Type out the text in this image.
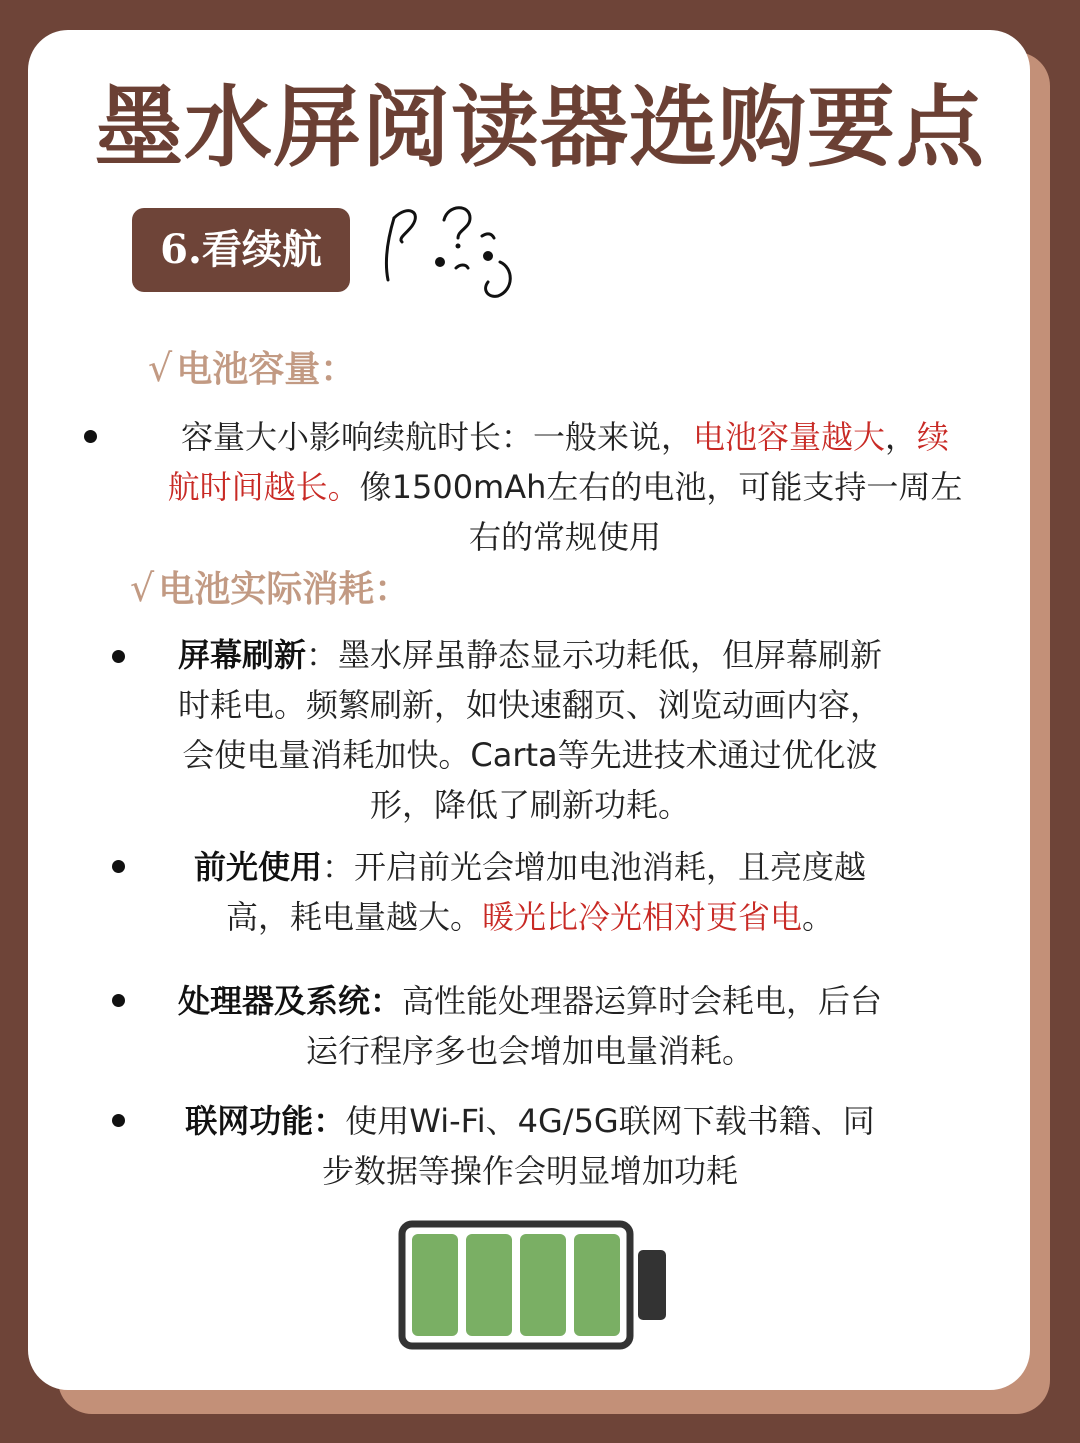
墨水屏阅读器选购要点
6.看续航
√ 电池容量：
容量大小影响续航时长：一般来说，电池容量越大，续
航时间越长。像1500mAh左右的电池，可能支持一周左
右的常规使用
√ 电池实际消耗：
屏幕刷新：墨水屏虽静态显示功耗低，但屏幕刷新
时耗电。频繁刷新，如快速翻页、浏览动画内容，
会使电量消耗加快。Carta等先进技术通过优化波
形，降低了刷新功耗。
前光使用：开启前光会增加电池消耗，且亮度越
高，耗电量越大。暖光比冷光相对更省电。
处理器及系统：高性能处理器运算时会耗电，后台
运行程序多也会增加电量消耗。
联网功能：使用Wi-Fi、4G/5G联网下载书籍、同
步数据等操作会明显增加功耗
